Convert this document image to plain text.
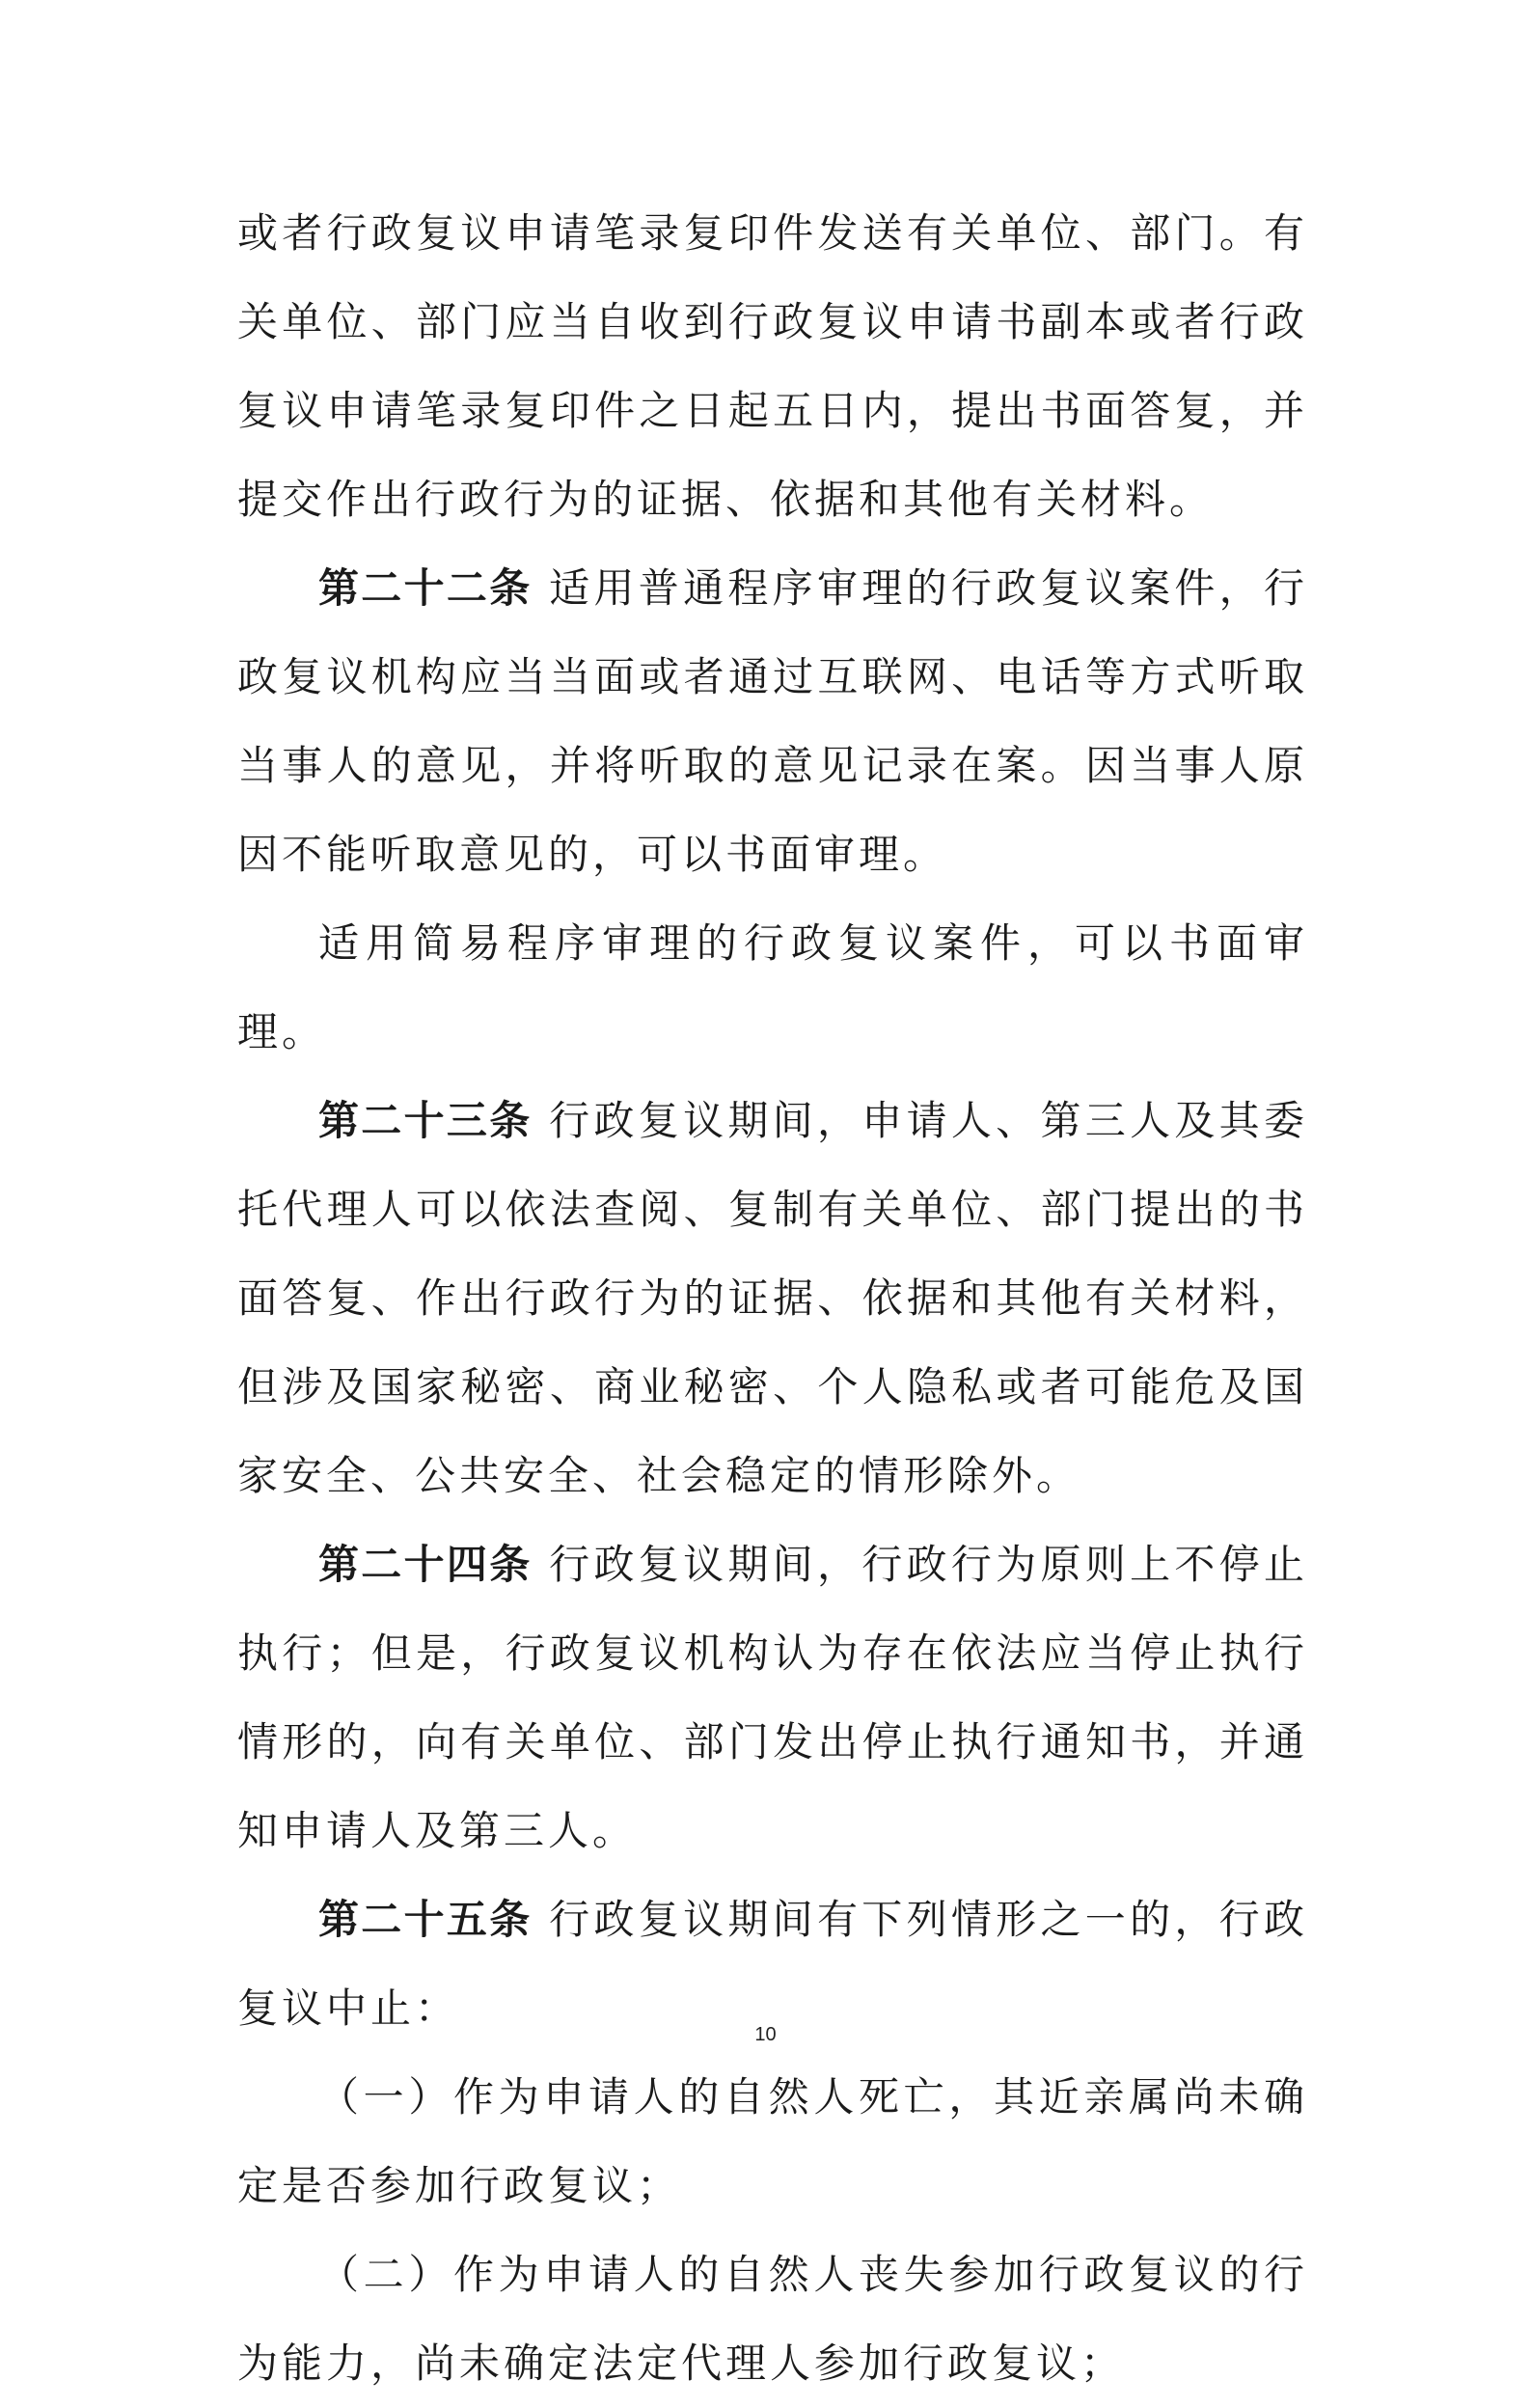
或者行政复议申请笔录复印件发送有关单位、部门。有关单位、部门应当自收到行政复议申请书副本或者行政复议申请笔录复印件之日起五日内，提出书面答复，并提交作出行政行为的证据、依据和其他有关材料。

第二十二条 适用普通程序审理的行政复议案件，行政复议机构应当当面或者通过互联网、电话等方式听取当事人的意见，并将听取的意见记录在案。因当事人原因不能听取意见的，可以书面审理。

适用简易程序审理的行政复议案件，可以书面审理。

第二十三条 行政复议期间，申请人、第三人及其委托代理人可以依法查阅、复制有关单位、部门提出的书面答复、作出行政行为的证据、依据和其他有关材料，但涉及国家秘密、商业秘密、个人隐私或者可能危及国家安全、公共安全、社会稳定的情形除外。

第二十四条 行政复议期间，行政行为原则上不停止执行；但是，行政复议机构认为存在依法应当停止执行情形的，向有关单位、部门发出停止执行通知书，并通知申请人及第三人。

第二十五条 行政复议期间有下列情形之一的，行政复议中止：

（一）作为申请人的自然人死亡，其近亲属尚未确定是否参加行政复议；

（二）作为申请人的自然人丧失参加行政复议的行为能力，尚未确定法定代理人参加行政复议；

10
